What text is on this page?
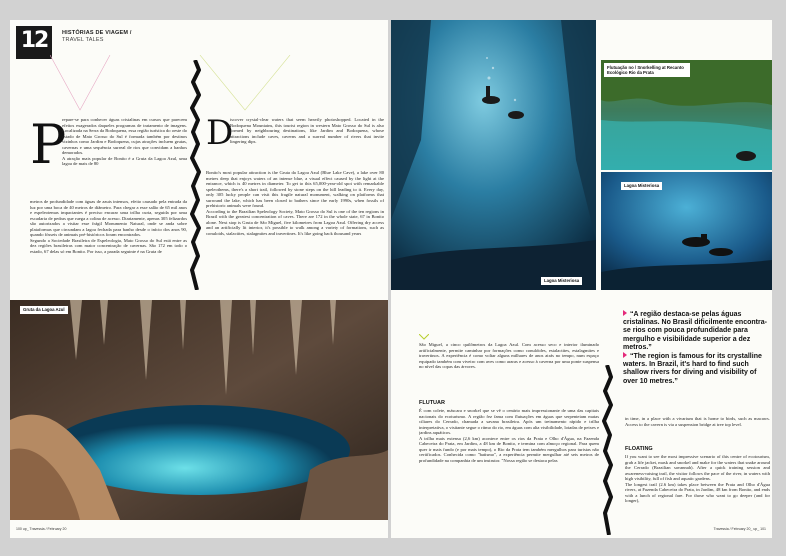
12	HISTÓRIAS DE VIAGEM /
TRAVEL TALES
P
repare-se para conhecer águas cristalinas em cursos que parecem efeitos exagerados daqueles programas de tratamento de imagens. Localizada na Serra da Bodoquena, essa região turística do oeste do estado de Mato Grosso do Sul é formada também por destinos vizinhos como Jardim e Bodoquena, cujas atrações incluem grutas, cavernas e uma sequência surreal de rios que convidam a banhos demorados.
A atração mais popular de Bonito é a Gruta da Lagoa Azul, uma lagoa de mais de 80
metros de profundidade com águas de azuis intensos, efeito causado pela entrada da luz por uma boca de 40 metros de diâmetro. Para chegar a esse salão de 65 mil anos e espeleotemas impactantes é preciso encarar uma trilha curta, seguida por uma escadaria de pedras que ruega a colina de acesso. Diariamente, apenas 305 felizardos são autorizados a visitar esse frágil Monumento Natural, onde se anda sobre plataformas que circundam a lagoa fechada para banho desde o início dos anos 90, quando fósseis de animais pré-históricos foram encontrados.
Segundo a Sociedade Brasileira de Espeleologia, Mato Grosso do Sul está entre as dez regiões brasileiras com maior concentração de cavernas. São 172 em todo o estado, 67 delas só em Bonito. Por isso, a parada seguinte é na Gruta de
D
iscover crystal-clear waters that seem heavily photoshopped. Located in the Bodoquena Mountains, this tourist region in western Mato Grosso do Sul is also formed by neighbouring destinations, like Jardim and Bodoquena, whose attractions include caves, caverns and a surreal number of rivers that invite lingering dips.
Bonito's most popular attraction is the Gruta da Lagoa Azul (Blue Lake Cave), a lake over 80 metres deep that enjoys waters of an intense blue, a visual effect caused by the light at the entrance, which is 40 metres in diameter. To get to this 65,000-year-old spot with remarkable speleothems, there's a short trail, followed by stone steps on the hill leading to it. Every day, only 305 lucky people can visit this fragile natural monument, walking on platforms that surround the lake, which has been closed to bathers since the early 1990s, when fossils of prehistoric animals were found.
According to the Brazilian Speleology Society, Mato Grosso do Sul is one of the ten regions in Brazil with the greatest concentration of caves. There are 172 in the whole state, 67 in Bonito alone. Next stop is Gruta de São Miguel, five kilometres from Lagoa Azul. Offering dry access and an artificially lit interior, it's possible to walk among a variety of formations, such as conuloids, stalactites, stalagmites and travertines. It's like going back thousand years
Gruta da Lagoa Azul
100 up_ Travessia / February 20
Lagoa Misteriosa
Flutuação no / Snorkelling at Recanto Ecológico Rio da Prata
Lagoa Misteriosa
“A região destaca-se pelas águas cristalinas. No Brasil dificilmente encontra-se rios com pouca profundidade para mergulho e visibilidade superior a dez metros.”
“The region is famous for its crystalline waters. In Brazil, it's hard to find such shallow rivers for diving and visibility of over 10 metres.”
São Miguel, a cinco quilômetros da Lagoa Azul. Com acesso seco e interior iluminado artificialmente, permite caminhar por formações como conulóides, estalactites, estalagmites e travertinos. A experiência é como voltar alguns milhares de anos atrás no tempo, num espaço equipado também com viveiro com aves como araras e acesso à caverna por uma ponte suspensa no nível das copas das árvores.
FLUTUAR
É com colete, máscara e snorkel que se vê o cenário mais impressionante de uma das capitais nacionais do ecoturismo. A região fez fama com flutuações em águas que serpenteiam matas ciliares do Cerrado, chamada a savana brasileira. Após um treinamento rápido e trilha interpretativa, o visitante segue o ritmo do rio, em águas com alta visibilidade, lotadas de peixes e jardins aquáticos.
A trilha mais extensa (2,6 km) acontece entre os rios da Prata e Olho d'Água, na Fazenda Cabeceira do Prata, em Jardim, a 48 km de Bonito, e termina com almoço regional. Para quem quer ir mais fundo (e por mais tempo), o Rio da Prata tem também mergulhos para turistas não certificados. Conhecida como "batismo", a experiência permite mergulhar até seis metros de profundidade na companhia de um instrutor. "Nossa região se destaca pelas
in time, in a place with a vivarium that is home to birds, such as macaws. Access to the cavern is via a suspension bridge at tree top level.
FLOATING
If you want to see the most impressive scenario of this centre of ecotourism, grab a life jacket, mask and snorkel and make for the waters that snake around the Cerrado (Brazilian savannah). After a quick training session and awareness-raising trail, the visitor follows the pace of the river, in waters with high visibility, full of fish and aquatic gardens.
The longest trail (2.6 km) takes place between the Prata and Olho d'Água rivers, at Fazenda Cabeceira do Prata, in Jardim, 48 km from Bonito, and ends with a lunch of regional fare. For those who want to go deeper (and for longer),
Travessia / February 20_ up_ 101
